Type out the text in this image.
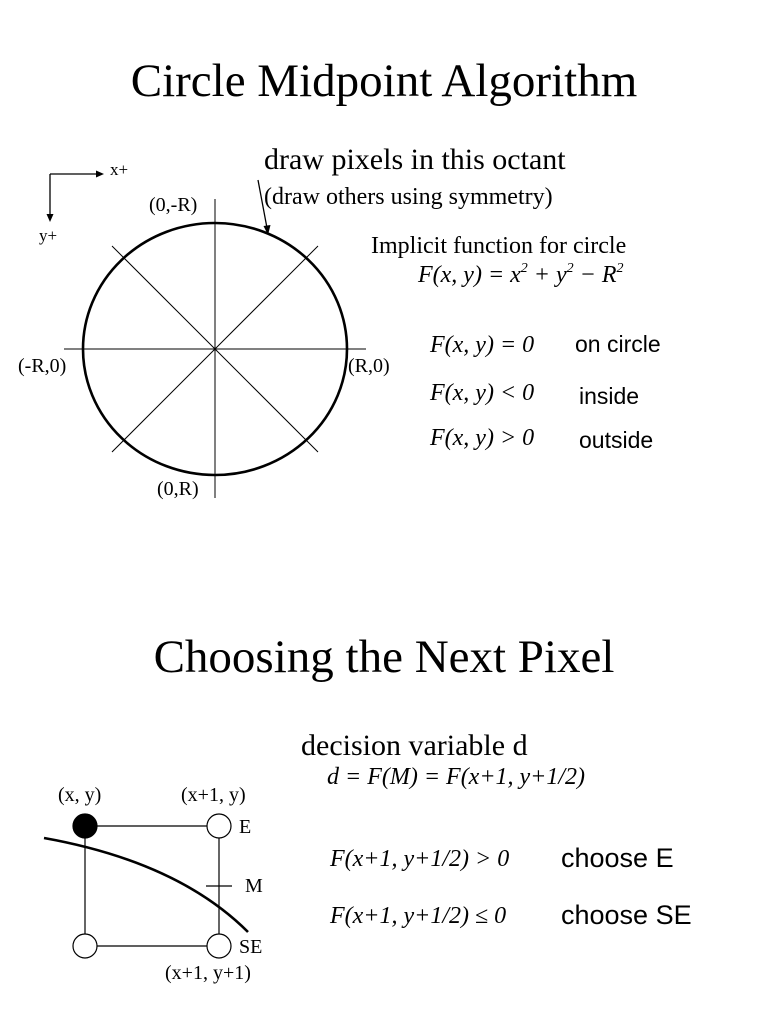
Circle Midpoint Algorithm
x+
y+
(0,-R)
(-R,0)	(R,0)
(0,R)
draw pixels in this octant
(draw others using symmetry)
Implicit function for circle
F(x, $y) = x^2 + y^2 - R^2$
F(x, y) = 0 on circle
F(x, y) < 0 inside
F(x, y) > 0 outside
Choosing the Next Pixel
decision variable d
d = F(M) = F(x+1, y+1/2)
(x, y)	(x+1, y)
E
M
SE
(x+1, y+1)
F(x+1, y+1/2) > 0 choose E
F(x+1, y+1/2) ≤ 0 choose SE
